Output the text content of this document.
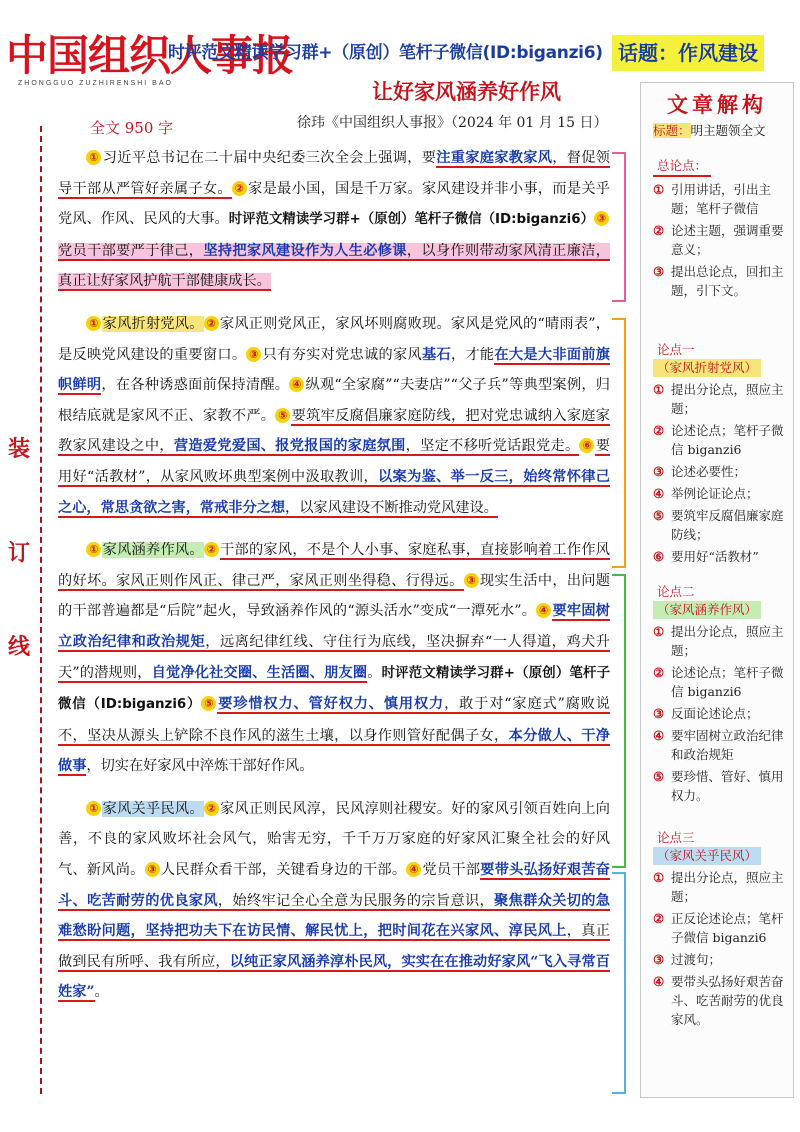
中国组织人事报
ZHONGGUO ZUZHIRENSHI BAO
时评范文精读学习群+（原创）笔杆子微信(ID:biganzi6) 话题：作风建设
让好家风涵养好作风
全文 950 字	徐玮《中国组织人事报》（2024 年 01 月 15 日）
装
订
线

① 习近平总书记在二十届中央纪委三次全会上强调，要注重家庭家教家风，督促领导干部从严管好亲属子女。 ② 家是最小国，国是千万家。家风建设并非小事，而是关乎党风、作风、民风的大事。时评范文精读学习群+（原创）笔杆子微信（ID:biganzi6） ③党员干部要严于律己，坚持把家风建设作为人生必修课，以身作则带动家风清正廉洁，真正让好家风护航干部健康成长。

① 家风折射党风。 ② 家风正则党风正，家风坏则腐败现。家风是党风的“晴雨表”，是反映党风建设的重要窗口。 ③ 只有夯实对党忠诚的家风基石，才能在大是大非面前旗帜鲜明，在各种诱惑面前保持清醒。 ④ 纵观“全家腐”“夫妻店”“父子兵”等典型案例，归根结底就是家风不正、家教不严。 ⑤ 要筑牢反腐倡廉家庭防线，把对党忠诚纳入家庭家教家风建设之中，营造爱党爱国、报党报国的家庭氛围，坚定不移听党话跟党走。 ⑥ 要用好“活教材”，从家风败坏典型案例中汲取教训，以案为鉴、举一反三，始终常怀律己之心，常思贪欲之害，常戒非分之想，以家风建设不断推动党风建设。

① 家风涵养作风。 ② 干部的家风，不是个人小事、家庭私事，直接影响着工作作风的好坏。家风正则作风正、律己严，家风正则坐得稳、行得远。 ③ 现实生活中，出问题的干部普遍都是“后院”起火，导致涵养作风的“源头活水”变成“一潭死水”。 ④ 要牢固树立政治纪律和政治规矩，远离纪律红线、守住行为底线，坚决摒弃“一人得道，鸡犬升天”的潜规则，自觉净化社交圈、生活圈、朋友圈。时评范文精读学习群+（原创）笔杆子微信（ID:biganzi6） ⑤ 要珍惜权力、管好权力、慎用权力，敢于对“家庭式”腐败说不，坚决从源头上铲除不良作风的滋生土壤，以身作则管好配偶子女，本分做人、干净做事，切实在好家风中淬炼干部好作风。

① 家风关乎民风。 ② 家风正则民风淳，民风淳则社稷安。好的家风引领百姓向上向善，不良的家风败坏社会风气，贻害无穷，千千万万家庭的好家风汇聚全社会的好风气、新风尚。 ③ 人民群众看干部，关键看身边的干部。 ④ 党员干部要带头弘扬好艰苦奋斗、吃苦耐劳的优良家风，始终牢记全心全意为民服务的宗旨意识，聚焦群众关切的急难愁盼问题，坚持把功夫下在访民情、解民忧上，把时间花在兴家风、淳民风上，真正做到民有所呼、我有所应，以纯正家风涵养淳朴民风，实实在在推动好家风“飞入寻常百姓家”。

文章解构
标题：明主题领全文
总论点：
① 引用讲话，引出主题；笔杆子微信
② 论述主题，强调重要意义；
③ 提出总论点，回扣主题，引下文。
论点一
（家风折射党风）
① 提出分论点，照应主题；
② 论述论点；笔杆子微信 biganzi6
③ 论述必要性；
④ 举例论证论点；
⑤ 要筑牢反腐倡廉家庭防线；
⑥ 要用好“活教材”
论点二
（家风涵养作风）
① 提出分论点，照应主题；
② 论述论点；笔杆子微信 biganzi6
③ 反面论述论点；
④ 要牢固树立政治纪律和政治规矩
⑤ 要珍惜、管好、慎用权力。
论点三
（家风关乎民风）
① 提出分论点，照应主题；
② 正反论述论点；笔杆子微信 biganzi6
③ 过渡句；
④ 要带头弘扬好艰苦奋斗、吃苦耐劳的优良家风。
